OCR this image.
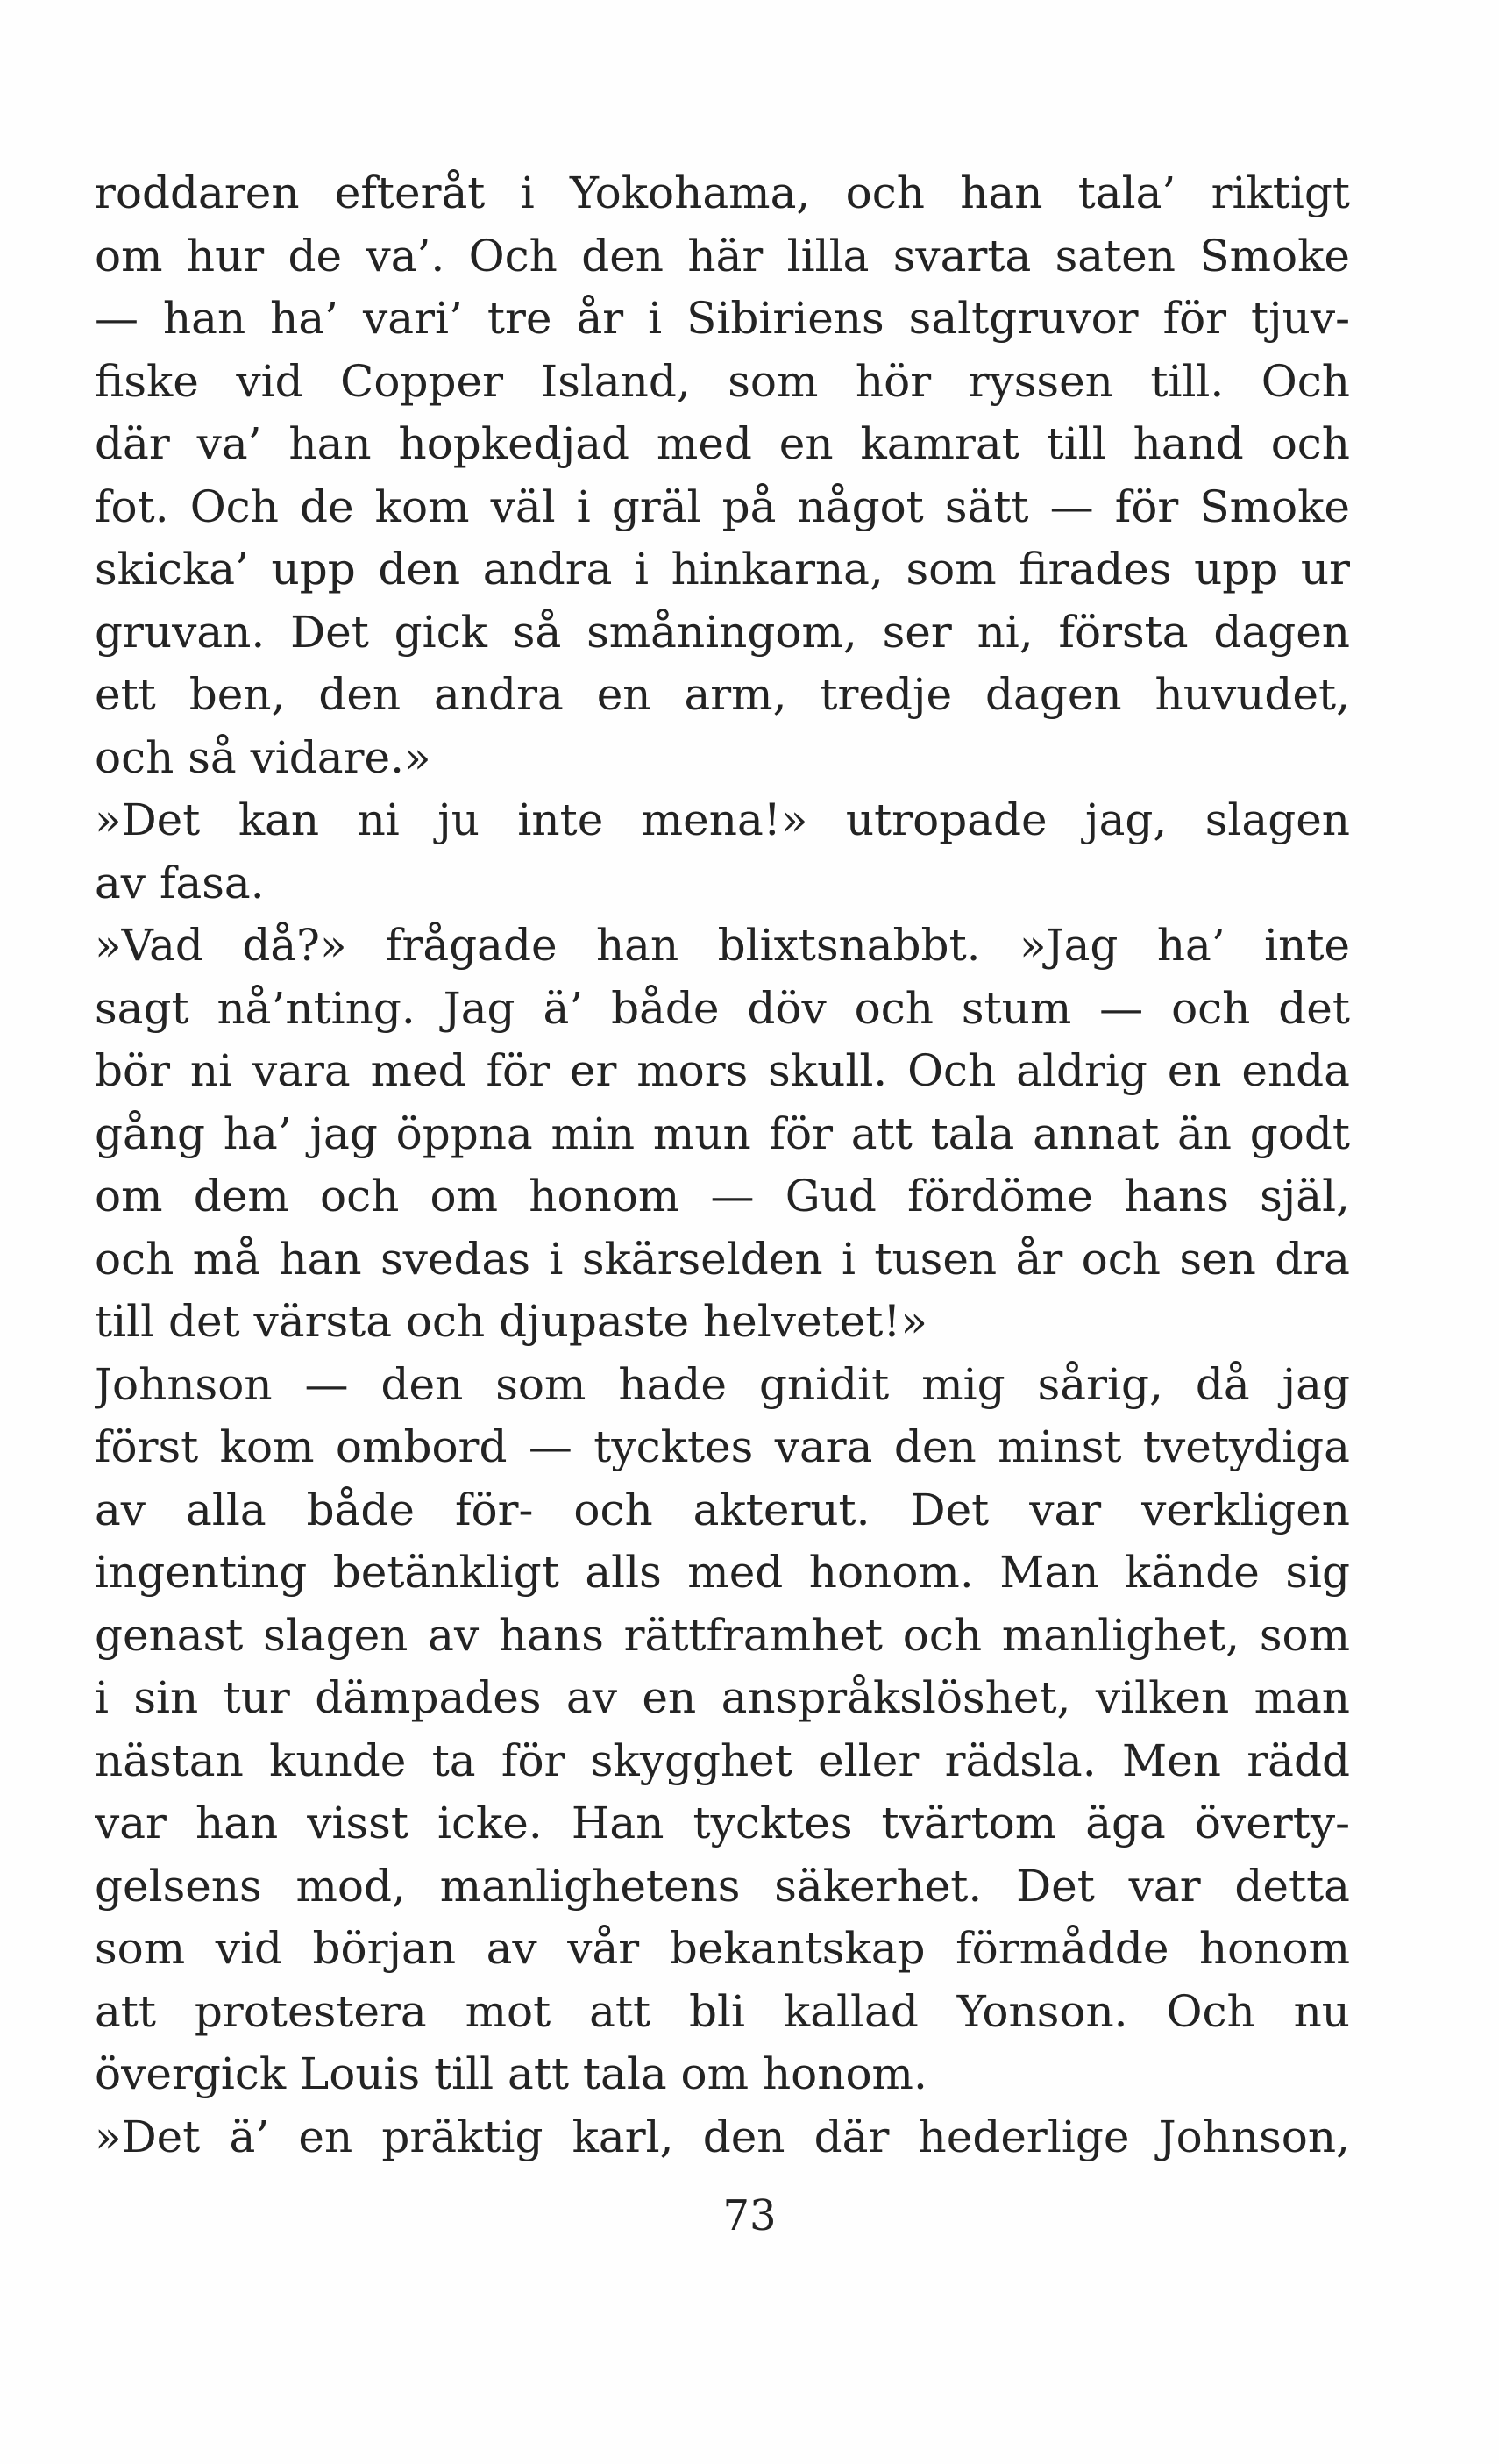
roddaren efteråt i Yokohama, och han tala’ riktigt
om hur de va’. Och den här lilla svarta saten Smoke
— han ha’ vari’ tre år i Sibiriens saltgruvor för tjuv-
fiske vid Copper Island, som hör ryssen till. Och
där va’ han hopkedjad med en kamrat till hand och
fot. Och de kom väl i gräl på något sätt — för Smoke
skicka’ upp den andra i hinkarna, som firades upp ur
gruvan. Det gick så småningom, ser ni, första dagen
ett ben, den andra en arm, tredje dagen huvudet,
och så vidare.»
»Det kan ni ju inte mena!» utropade jag, slagen
av fasa.
»Vad då?» frågade han blixtsnabbt. »Jag ha’ inte
sagt nå’nting. Jag ä’ både döv och stum — och det
bör ni vara med för er mors skull. Och aldrig en enda
gång ha’ jag öppna min mun för att tala annat än godt
om dem och om honom — Gud fördöme hans själ,
och må han svedas i skärselden i tusen år och sen dra
till det värsta och djupaste helvetet!»
Johnson — den som hade gnidit mig sårig, då jag
först kom ombord — tycktes vara den minst tvetydiga
av alla både för- och akterut. Det var verkligen
ingenting betänkligt alls med honom. Man kände sig
genast slagen av hans rättframhet och manlighet, som
i sin tur dämpades av en anspråkslöshet, vilken man
nästan kunde ta för skygghet eller rädsla. Men rädd
var han visst icke. Han tycktes tvärtom äga överty-
gelsens mod, manlighetens säkerhet. Det var detta
som vid början av vår bekantskap förmådde honom
att protestera mot att bli kallad Yonson. Och nu
övergick Louis till att tala om honom.
»Det ä’ en präktig karl, den där hederlige Johnson,
73
